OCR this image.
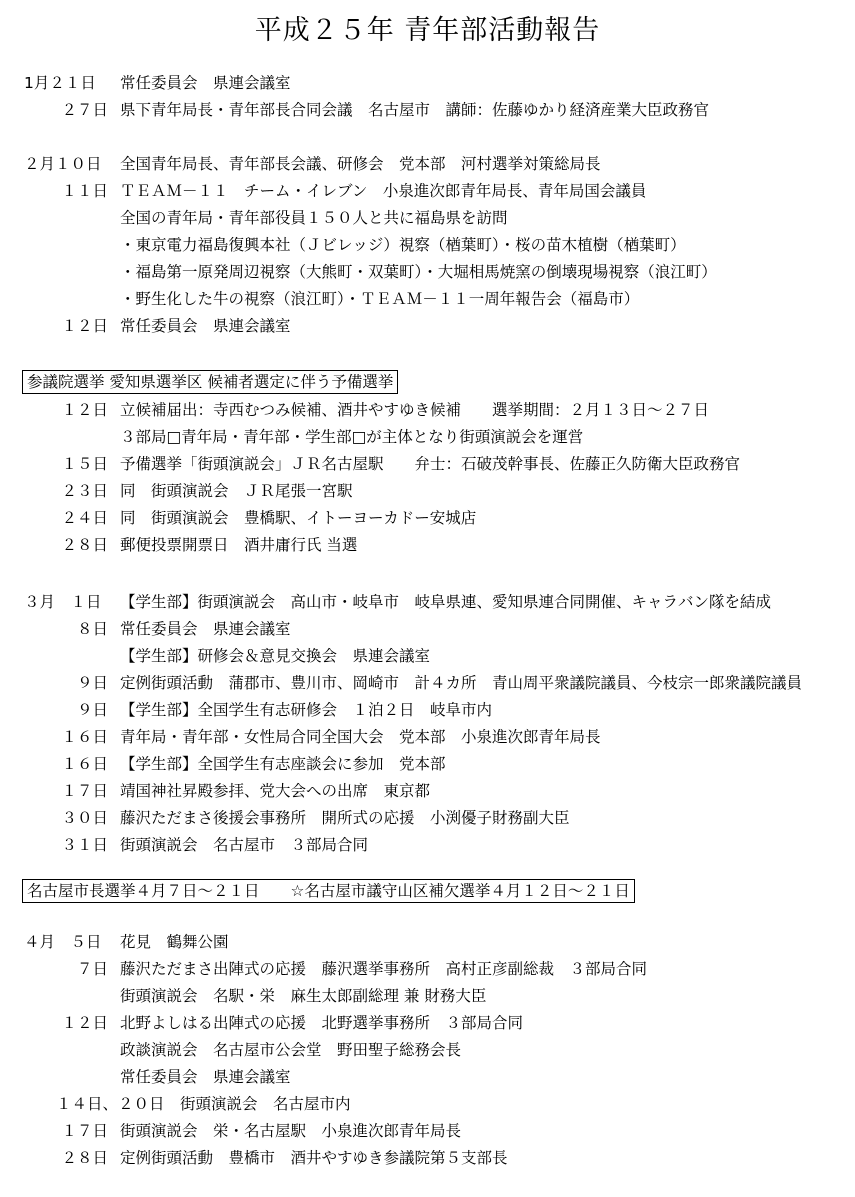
平成２５年 青年部活動報告
1月２１日 常任委員会　県連会議室
２７日 県下青年局長・青年部長合同会議　名古屋市　講師：佐藤ゆかり経済産業大臣政務官
２月１０日 全国青年局長、青年部長会議、研修会　党本部　河村選挙対策総局長
１１日 ＴＥＡＭ－１１　チーム・イレブン　小泉進次郎青年局長、青年局国会議員
全国の青年局・青年部役員１５０人と共に福島県を訪問
・東京電力福島復興本社（Ｊビレッジ）視察（楢葉町）・桜の苗木植樹（楢葉町）
・福島第一原発周辺視察（大熊町・双葉町）・大堀相馬焼窯の倒壊現場視察（浪江町）
・野生化した牛の視察（浪江町）・ＴＥＡＭ－１１一周年報告会（福島市）
１２日 常任委員会　県連会議室
参議院選挙 愛知県選挙区 候補者選定に伴う予備選挙
１２日 立候補届出：寺西むつみ候補、酒井やすゆき候補　　選挙期間：２月１３日～２７日
３部局□青年局・青年部・学生部□が主体となり街頭演説会を運営
１５日 予備選挙「街頭演説会」ＪＲ名古屋駅　　弁士：石破茂幹事長、佐藤正久防衛大臣政務官
２３日 同　街頭演説会　ＪＲ尾張一宮駅
２４日 同　街頭演説会　豊橋駅、イトーヨーカドー安城店
２８日 郵便投票開票日　酒井庸行氏 当選
３月　１日 【学生部】街頭演説会　高山市・岐阜市　岐阜県連、愛知県連合同開催、キャラバン隊を結成
８日 常任委員会　県連会議室
【学生部】研修会＆意見交換会　県連会議室
９日 定例街頭活動　蒲郡市、豊川市、岡崎市　計４カ所　青山周平衆議院議員、今枝宗一郎衆議院議員
９日 【学生部】全国学生有志研修会　１泊２日　岐阜市内
１６日 青年局・青年部・女性局合同全国大会　党本部　小泉進次郎青年局長
１６日 【学生部】全国学生有志座談会に参加　党本部
１７日 靖国神社昇殿参拝、党大会への出席　東京都
３０日 藤沢ただまさ後援会事務所　開所式の応援　小渕優子財務副大臣
３１日 街頭演説会　名古屋市　３部局合同
名古屋市長選挙４月７日～２１日　　☆名古屋市議守山区補欠選挙４月１２日～２１日
４月　５日 花見　鶴舞公園
７日 藤沢ただまさ出陣式の応援　藤沢選挙事務所　高村正彦副総裁　３部局合同
街頭演説会　名駅・栄　麻生太郎副総理 兼 財務大臣
１２日 北野よしはる出陣式の応援　北野選挙事務所　３部局合同
政談演説会　名古屋市公会堂　野田聖子総務会長
常任委員会　県連会議室
１４日、２０日 街頭演説会　名古屋市内
１７日 街頭演説会　栄・名古屋駅　小泉進次郎青年局長
２８日 定例街頭活動　豊橋市　酒井やすゆき参議院第５支部長
